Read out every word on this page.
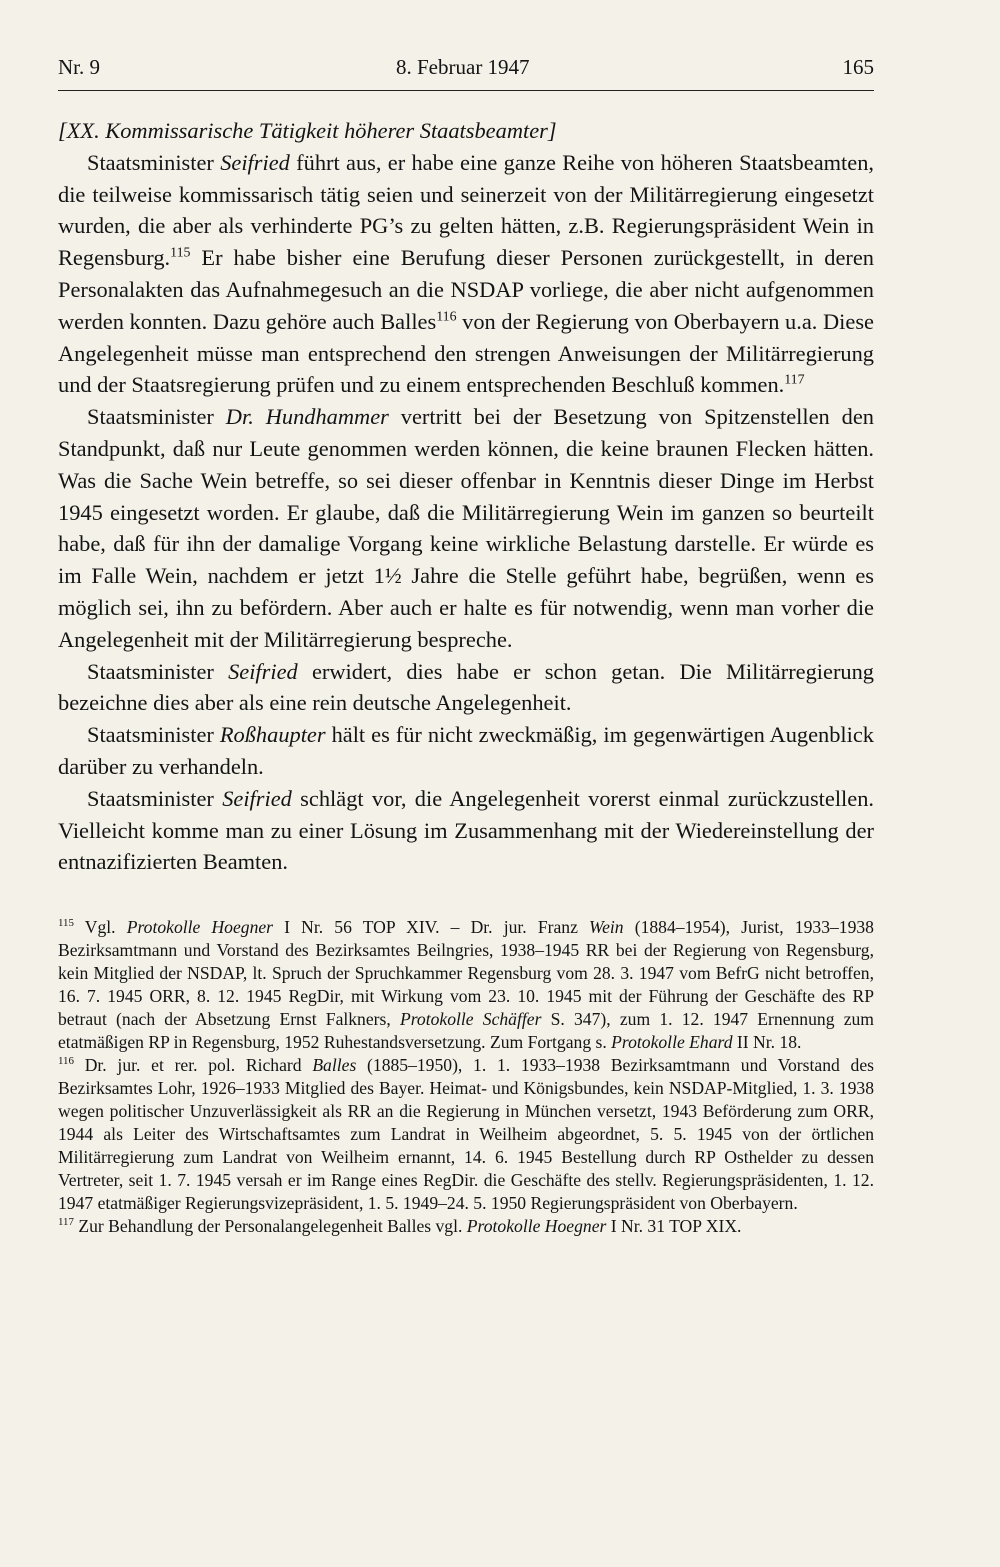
Nr. 9	8. Februar 1947	165

[XX. Kommissarische Tätigkeit höherer Staatsbeamter]

Staatsminister Seifried führt aus, er habe eine ganze Reihe von höheren Staatsbeamten, die teilweise kommissarisch tätig seien und seinerzeit von der Militärregierung eingesetzt wurden, die aber als verhinderte PG’s zu gelten hätten, z.B. Regierungspräsident Wein in Regensburg.$^{115}$ Er habe bisher eine Berufung dieser Personen zurückgestellt, in deren Personalakten das Aufnahmegesuch an die NSDAP vorliege, die aber nicht aufgenommen werden konnten. Dazu gehöre auch Balles$^{116}$ von der Regierung von Oberbayern u.a. Diese Angelegenheit müsse man entsprechend den strengen Anweisungen der Militärregierung und der Staatsregierung prüfen und zu einem entsprechenden Beschluß kommen.$^{117}$

Staatsminister Dr. Hundhammer vertritt bei der Besetzung von Spitzenstellen den Standpunkt, daß nur Leute genommen werden können, die keine braunen Flecken hätten. Was die Sache Wein betreffe, so sei dieser offenbar in Kenntnis dieser Dinge im Herbst 1945 eingesetzt worden. Er glaube, daß die Militärregierung Wein im ganzen so beurteilt habe, daß für ihn der damalige Vorgang keine wirkliche Belastung darstelle. Er würde es im Falle Wein, nachdem er jetzt 1½ Jahre die Stelle geführt habe, begrüßen, wenn es möglich sei, ihn zu befördern. Aber auch er halte es für notwendig, wenn man vorher die Angelegenheit mit der Militärregierung bespreche.

Staatsminister Seifried erwidert, dies habe er schon getan. Die Militärregierung bezeichne dies aber als eine rein deutsche Angelegenheit.

Staatsminister Roßhaupter hält es für nicht zweckmäßig, im gegenwärtigen Augenblick darüber zu verhandeln.

Staatsminister Seifried schlägt vor, die Angelegenheit vorerst einmal zurückzustellen. Vielleicht komme man zu einer Lösung im Zusammenhang mit der Wiedereinstellung der entnazifizierten Beamten.

$^{115}$ Vgl. Protokolle Hoegner I Nr. 56 TOP XIV. – Dr. jur. Franz Wein (1884–1954), Jurist, 1933–1938 Bezirksamtmann und Vorstand des Bezirksamtes Beilngries, 1938–1945 RR bei der Regierung von Regensburg, kein Mitglied der NSDAP, lt. Spruch der Spruchkammer Regensburg vom 28. 3. 1947 vom BefrG nicht betroffen, 16. 7. 1945 ORR, 8. 12. 1945 RegDir, mit Wirkung vom 23. 10. 1945 mit der Führung der Geschäfte des RP betraut (nach der Absetzung Ernst Falkners, Protokolle Schäffer S. 347), zum 1. 12. 1947 Ernennung zum etatmäßigen RP in Regensburg, 1952 Ruhestandsversetzung. Zum Fortgang s. Protokolle Ehard II Nr. 18.

$^{116}$ Dr. jur. et rer. pol. Richard Balles (1885–1950), 1. 1. 1933–1938 Bezirksamtmann und Vorstand des Bezirksamtes Lohr, 1926–1933 Mitglied des Bayer. Heimat- und Königsbundes, kein NSDAP-Mitglied, 1. 3. 1938 wegen politischer Unzuverlässigkeit als RR an die Regierung in München versetzt, 1943 Beförderung zum ORR, 1944 als Leiter des Wirtschaftsamtes zum Landrat in Weilheim abgeordnet, 5. 5. 1945 von der örtlichen Militärregierung zum Landrat von Weilheim ernannt, 14. 6. 1945 Bestellung durch RP Osthelder zu dessen Vertreter, seit 1. 7. 1945 versah er im Range eines RegDir. die Geschäfte des stellv. Regierungspräsidenten, 1. 12. 1947 etatmäßiger Regierungsvizepräsident, 1. 5. 1949–24. 5. 1950 Regierungspräsident von Oberbayern.

$^{117}$ Zur Behandlung der Personalangelegenheit Balles vgl. Protokolle Hoegner I Nr. 31 TOP XIX.
